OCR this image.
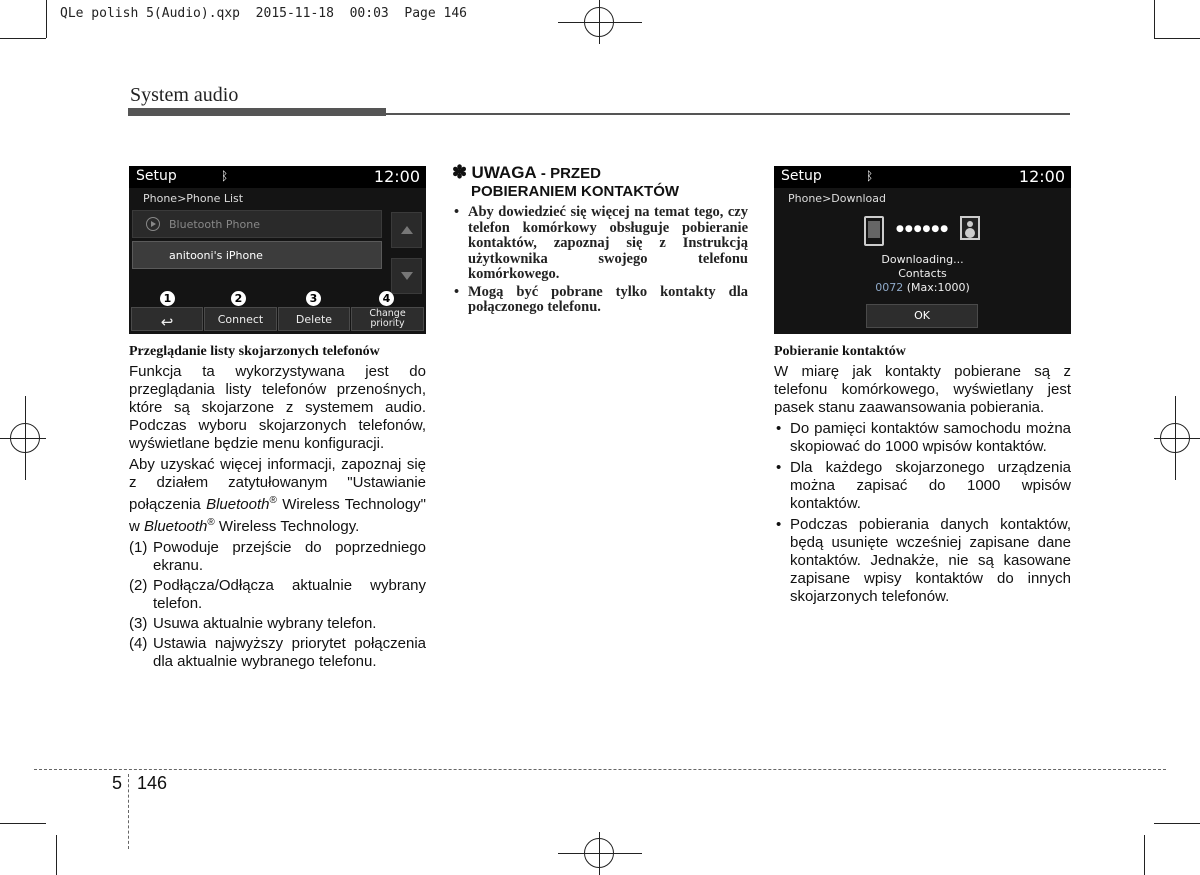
QLe polish 5(Audio).qxp  2015-11-18  00:03  Page 146
System audio
Setup	ᛒ	12:00
Phone>Phone List
Bluetooth Phone
anitooni's iPhone
1	2	3	4
↩	Connect	Delete	Change
priority
Setup	ᛒ	12:00
Phone>Download
●●●●●●
Downloading...
Contacts
0072 (Max:1000)
OK
Przeglądanie listy skojarzonych telefonów

Funkcja ta wykorzystywana jest do przeglądania listy telefonów przenośnych, które są skojarzone z systemem audio. Podczas wyboru skojarzonych telefonów, wyświetlane będzie menu konfiguracji.

Aby uzyskać więcej informacji, zapoznaj się z działem zatytułowanym "Ustawianie połączenia Bluetooth® Wireless Technology" w Bluetooth® Wireless Technology.

(1) Powoduje przejście do poprzedniego ekranu.
(2) Podłącza/Odłącza aktualnie wybrany telefon.
(3) Usuwa aktualnie wybrany telefon.
(4) Ustawia najwyższy priorytet połączenia dla aktualnie wybranego telefonu.
✽ UWAGA - PRZED
POBIERANIEM KONTAKTÓW
• Aby dowiedzieć się więcej na temat tego, czy telefon komórkowy obsługuje pobieranie kontaktów, zapoznaj się z Instrukcją użytkownika swojego telefonu komórkowego.
• Mogą być pobrane tylko kontakty dla połączonego telefonu.
Pobieranie kontaktów

W miarę jak kontakty pobierane są z telefonu komórkowego, wyświetlany jest pasek stanu zaawansowania pobierania.

• Do pamięci kontaktów samochodu można skopiować do 1000 wpisów kontaktów.
• Dla każdego skojarzonego urządzenia można zapisać do 1000 wpisów kontaktów.
• Podczas pobierania danych kontaktów, będą usunięte wcześniej zapisane dane kontaktów. Jednakże, nie są kasowane zapisane wpisy kontaktów do innych skojarzonych telefonów.
5 146
